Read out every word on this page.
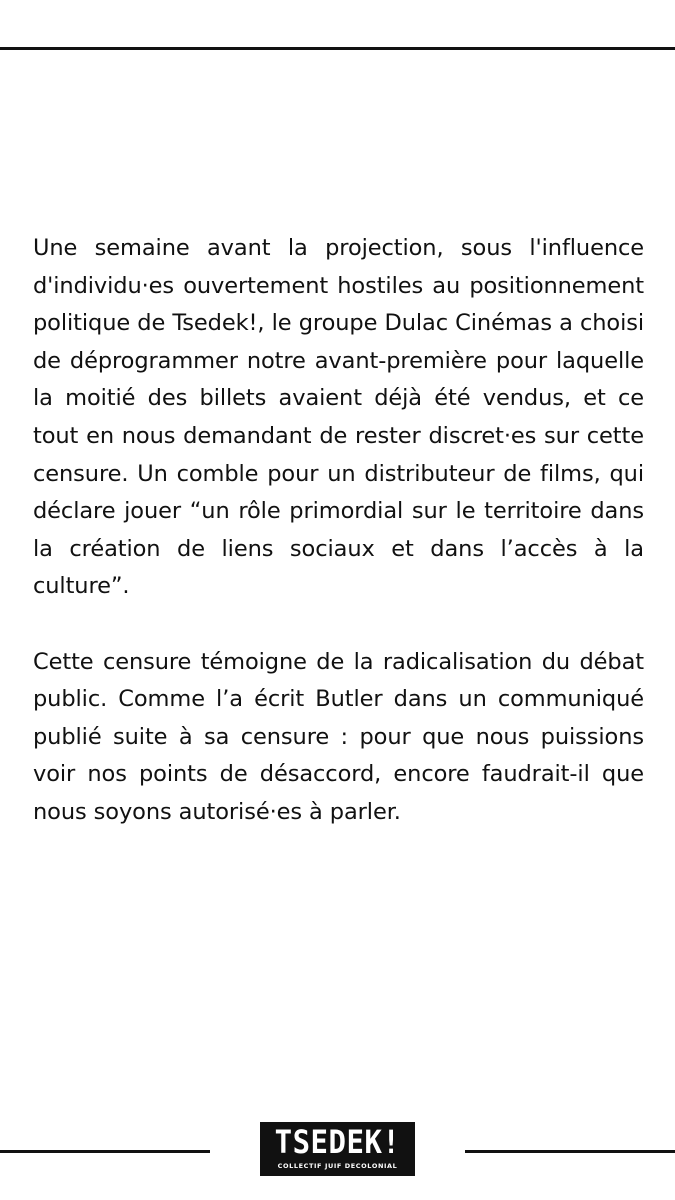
Une semaine avant la projection, sous l'influence d'individu·es ouvertement hostiles au positionnement politique de Tsedek!, le groupe Dulac Cinémas a choisi de déprogrammer notre avant-première pour laquelle la moitié des billets avaient déjà été vendus, et ce tout en nous demandant de rester discret·es sur cette censure. Un comble pour un distributeur de films, qui déclare jouer “un rôle primordial sur le territoire dans la création de liens sociaux et dans l’accès à la culture”.

Cette censure témoigne de la radicalisation du débat public. Comme l’a écrit Butler dans un communiqué publié suite à sa censure : pour que nous puissions voir nos points de désaccord, encore faudrait-il que nous soyons autorisé·es à parler.

TSEDEK!
COLLECTIF JUIF DECOLONIAL
